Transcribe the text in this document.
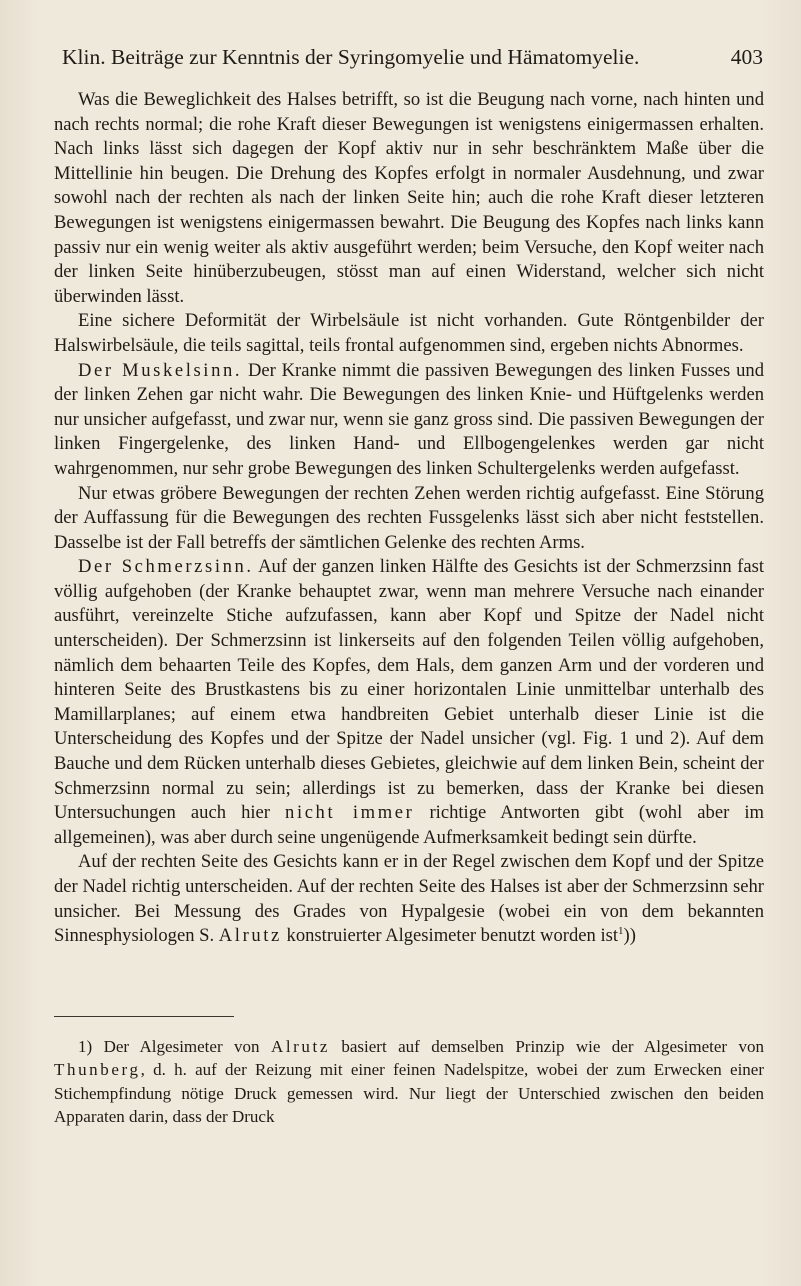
Klin. Beiträge zur Kenntnis der Syringomyelie und Hämatomyelie.	403

Was die Beweglichkeit des Halses betrifft, so ist die Beugung nach vorne, nach hinten und nach rechts normal; die rohe Kraft dieser Bewegungen ist wenigstens einigermassen erhalten. Nach links lässt sich dagegen der Kopf aktiv nur in sehr beschränktem Maße über die Mittellinie hin beugen. Die Drehung des Kopfes erfolgt in normaler Ausdehnung, und zwar sowohl nach der rechten als nach der linken Seite hin; auch die rohe Kraft dieser letzteren Bewegungen ist wenigstens einigermassen bewahrt. Die Beugung des Kopfes nach links kann passiv nur ein wenig weiter als aktiv ausgeführt werden; beim Versuche, den Kopf weiter nach der linken Seite hinüberzubeugen, stösst man auf einen Widerstand, welcher sich nicht überwinden lässt.

Eine sichere Deformität der Wirbelsäule ist nicht vorhanden. Gute Röntgenbilder der Halswirbelsäule, die teils sagittal, teils frontal aufgenommen sind, ergeben nichts Abnormes.

Der Muskelsinn. Der Kranke nimmt die passiven Bewegungen des linken Fusses und der linken Zehen gar nicht wahr. Die Bewegungen des linken Knie- und Hüftgelenks werden nur unsicher aufgefasst, und zwar nur, wenn sie ganz gross sind. Die passiven Bewegungen der linken Fingergelenke, des linken Hand- und Ellbogengelenkes werden gar nicht wahrgenommen, nur sehr grobe Bewegungen des linken Schultergelenks werden aufgefasst.

Nur etwas gröbere Bewegungen der rechten Zehen werden richtig aufgefasst. Eine Störung der Auffassung für die Bewegungen des rechten Fussgelenks lässt sich aber nicht feststellen. Dasselbe ist der Fall betreffs der sämtlichen Gelenke des rechten Arms.

Der Schmerzsinn. Auf der ganzen linken Hälfte des Gesichts ist der Schmerzsinn fast völlig aufgehoben (der Kranke behauptet zwar, wenn man mehrere Versuche nach einander ausführt, vereinzelte Stiche aufzufassen, kann aber Kopf und Spitze der Nadel nicht unterscheiden). Der Schmerzsinn ist linkerseits auf den folgenden Teilen völlig aufgehoben, nämlich dem behaarten Teile des Kopfes, dem Hals, dem ganzen Arm und der vorderen und hinteren Seite des Brustkastens bis zu einer horizontalen Linie unmittelbar unterhalb des Mamillarplanes; auf einem etwa handbreiten Gebiet unterhalb dieser Linie ist die Unterscheidung des Kopfes und der Spitze der Nadel unsicher (vgl. Fig. 1 und 2). Auf dem Bauche und dem Rücken unterhalb dieses Gebietes, gleichwie auf dem linken Bein, scheint der Schmerzsinn normal zu sein; allerdings ist zu bemerken, dass der Kranke bei diesen Untersuchungen auch hier nicht immer richtige Antworten gibt (wohl aber im allgemeinen), was aber durch seine ungenügende Aufmerksamkeit bedingt sein dürfte.

Auf der rechten Seite des Gesichts kann er in der Regel zwischen dem Kopf und der Spitze der Nadel richtig unterscheiden. Auf der rechten Seite des Halses ist aber der Schmerzsinn sehr unsicher. Bei Messung des Grades von Hypalgesie (wobei ein von dem bekannten Sinnesphysiologen S. Alrutz konstruierter Algesimeter benutzt worden ist$^1$))

1) Der Algesimeter von Alrutz basiert auf demselben Prinzip wie der Algesimeter von Thunberg, d. h. auf der Reizung mit einer feinen Nadelspitze, wobei der zum Erwecken einer Stichempfindung nötige Druck gemessen wird. Nur liegt der Unterschied zwischen den beiden Apparaten darin, dass der Druck
